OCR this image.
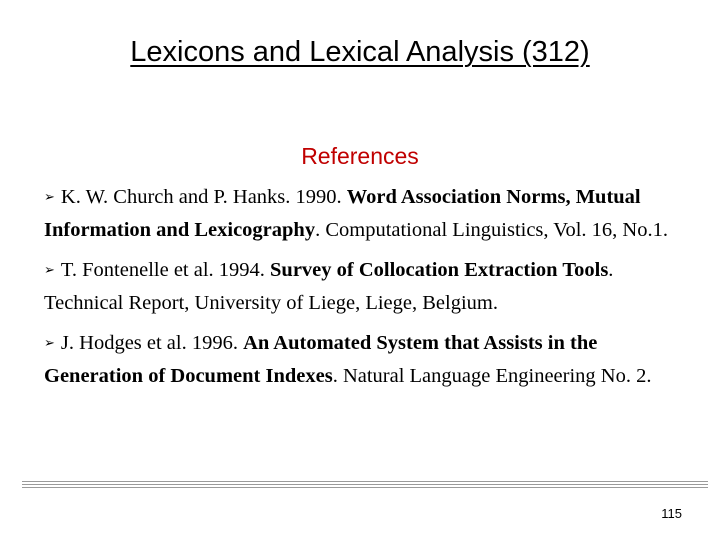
Lexicons and Lexical Analysis (312)
References

➢ K. W. Church and P. Hanks. 1990. Word Association Norms, Mutual Information and Lexicography. Computational Linguistics, Vol. 16, No.1.

➢ T. Fontenelle et al. 1994. Survey of Collocation Extraction Tools. Technical Report, University of Liege, Liege, Belgium.

➢ J. Hodges et al. 1996. An Automated System that Assists in the Generation of Document Indexes. Natural Language Engineering No. 2.

115
